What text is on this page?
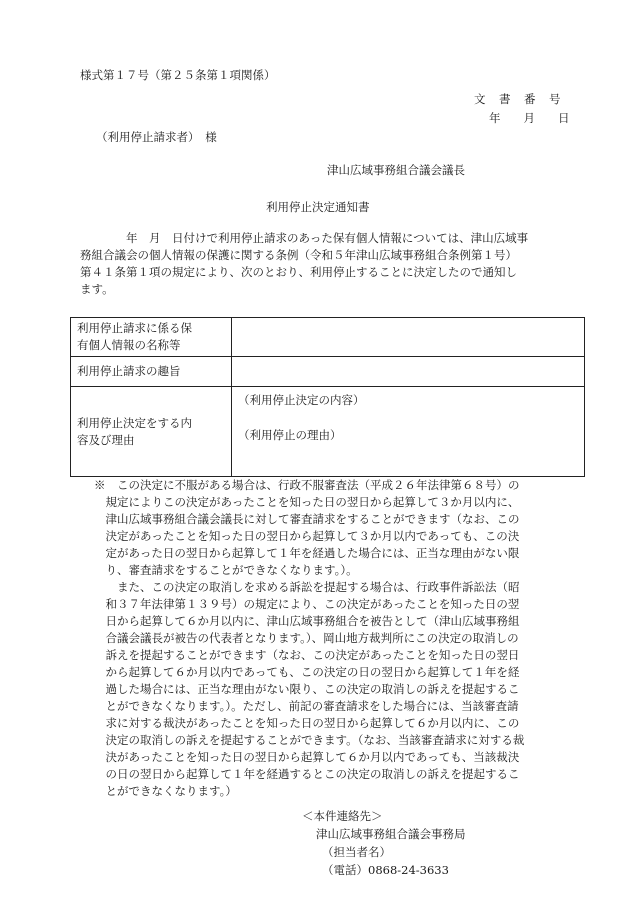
様式第１７号（第２５条第１項関係）
文　書　番　号
年　　月　　日
（利用停止請求者）　様
津山広域事務組合議会議長
利用停止決定通知書
　　　　年　月　日付けで利用停止請求のあった保有個人情報については、津山広域事
務組合議会の個人情報の保護に関する条例（令和５年津山広域事務組合条例第１号）
第４１条第１項の規定により、次のとおり、利用停止することに決定したので通知し
ます。
利用停止請求に係る保
有個人情報の名称等	

利用停止請求の趣旨	

利用停止決定をする内
容及び理由	（利用停止決定の内容）
（利用停止の理由）
※　この決定に不服がある場合は、行政不服審査法（平成２６年法律第６８号）の
　規定によりこの決定があったことを知った日の翌日から起算して３か月以内に、
　津山広域事務組合議会議長に対して審査請求をすることができます（なお、この
　決定があったことを知った日の翌日から起算して３か月以内であっても、この決
　定があった日の翌日から起算して１年を経過した場合には、正当な理由がない限
　り、審査請求をすることができなくなります。）。
　　また、この決定の取消しを求める訴訟を提起する場合は、行政事件訴訟法（昭
　和３７年法律第１３９号）の規定により、この決定があったことを知った日の翌
　日から起算して６か月以内に、津山広域事務組合を被告として（津山広域事務組
　合議会議長が被告の代表者となります。）、岡山地方裁判所にこの決定の取消しの
　訴えを提起することができます（なお、この決定があったことを知った日の翌日
　から起算して６か月以内であっても、この決定の日の翌日から起算して１年を経
　過した場合には、正当な理由がない限り、この決定の取消しの訴えを提起するこ
　とができなくなります。）。ただし、前記の審査請求をした場合には、当該審査請
　求に対する裁決があったことを知った日の翌日から起算して６か月以内に、この
　決定の取消しの訴えを提起することができます。（なお、当該審査請求に対する裁
　決があったことを知った日の翌日から起算して６か月以内であっても、当該裁決
　の日の翌日から起算して１年を経過するとこの決定の取消しの訴えを提起するこ
　とができなくなります。）
＜本件連絡先＞
津山広域事務組合議会事務局
（担当者名）
（電話）0868-24-3633
